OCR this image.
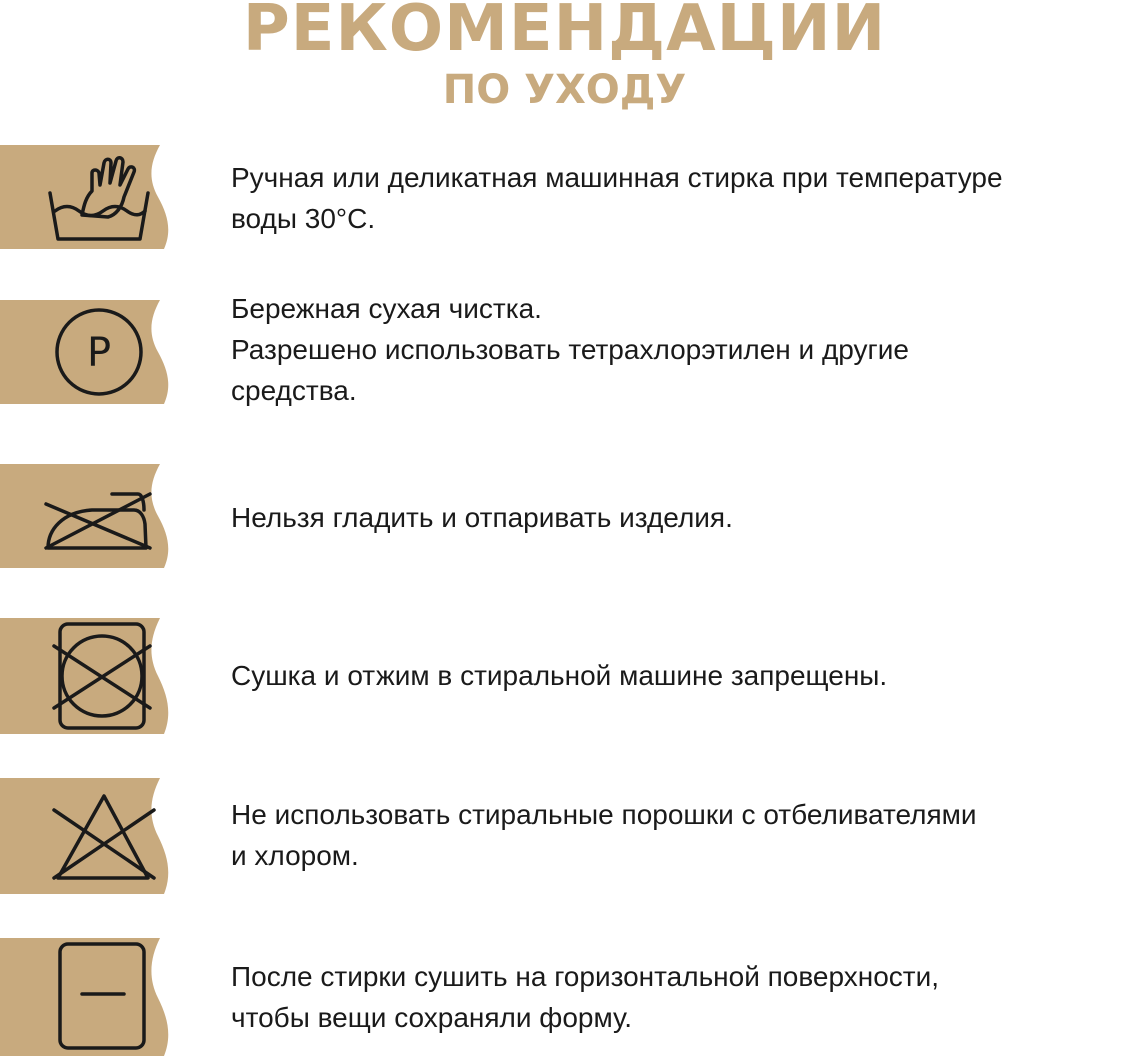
РЕКОМЕНДАЦИИ
ПО УХОДУ
Ручная или деликатная машинная стирка при температуре
воды 30°С.
P
Бережная сухая чистка.
Разрешено использовать тетрахлорэтилен и другие
средства.
Нельзя гладить и отпаривать изделия.
Сушка и отжим в стиральной машине запрещены.
Не использовать стиральные порошки с отбеливателями
и хлором.
После стирки сушить на горизонтальной поверхности,
чтобы вещи сохраняли форму.
